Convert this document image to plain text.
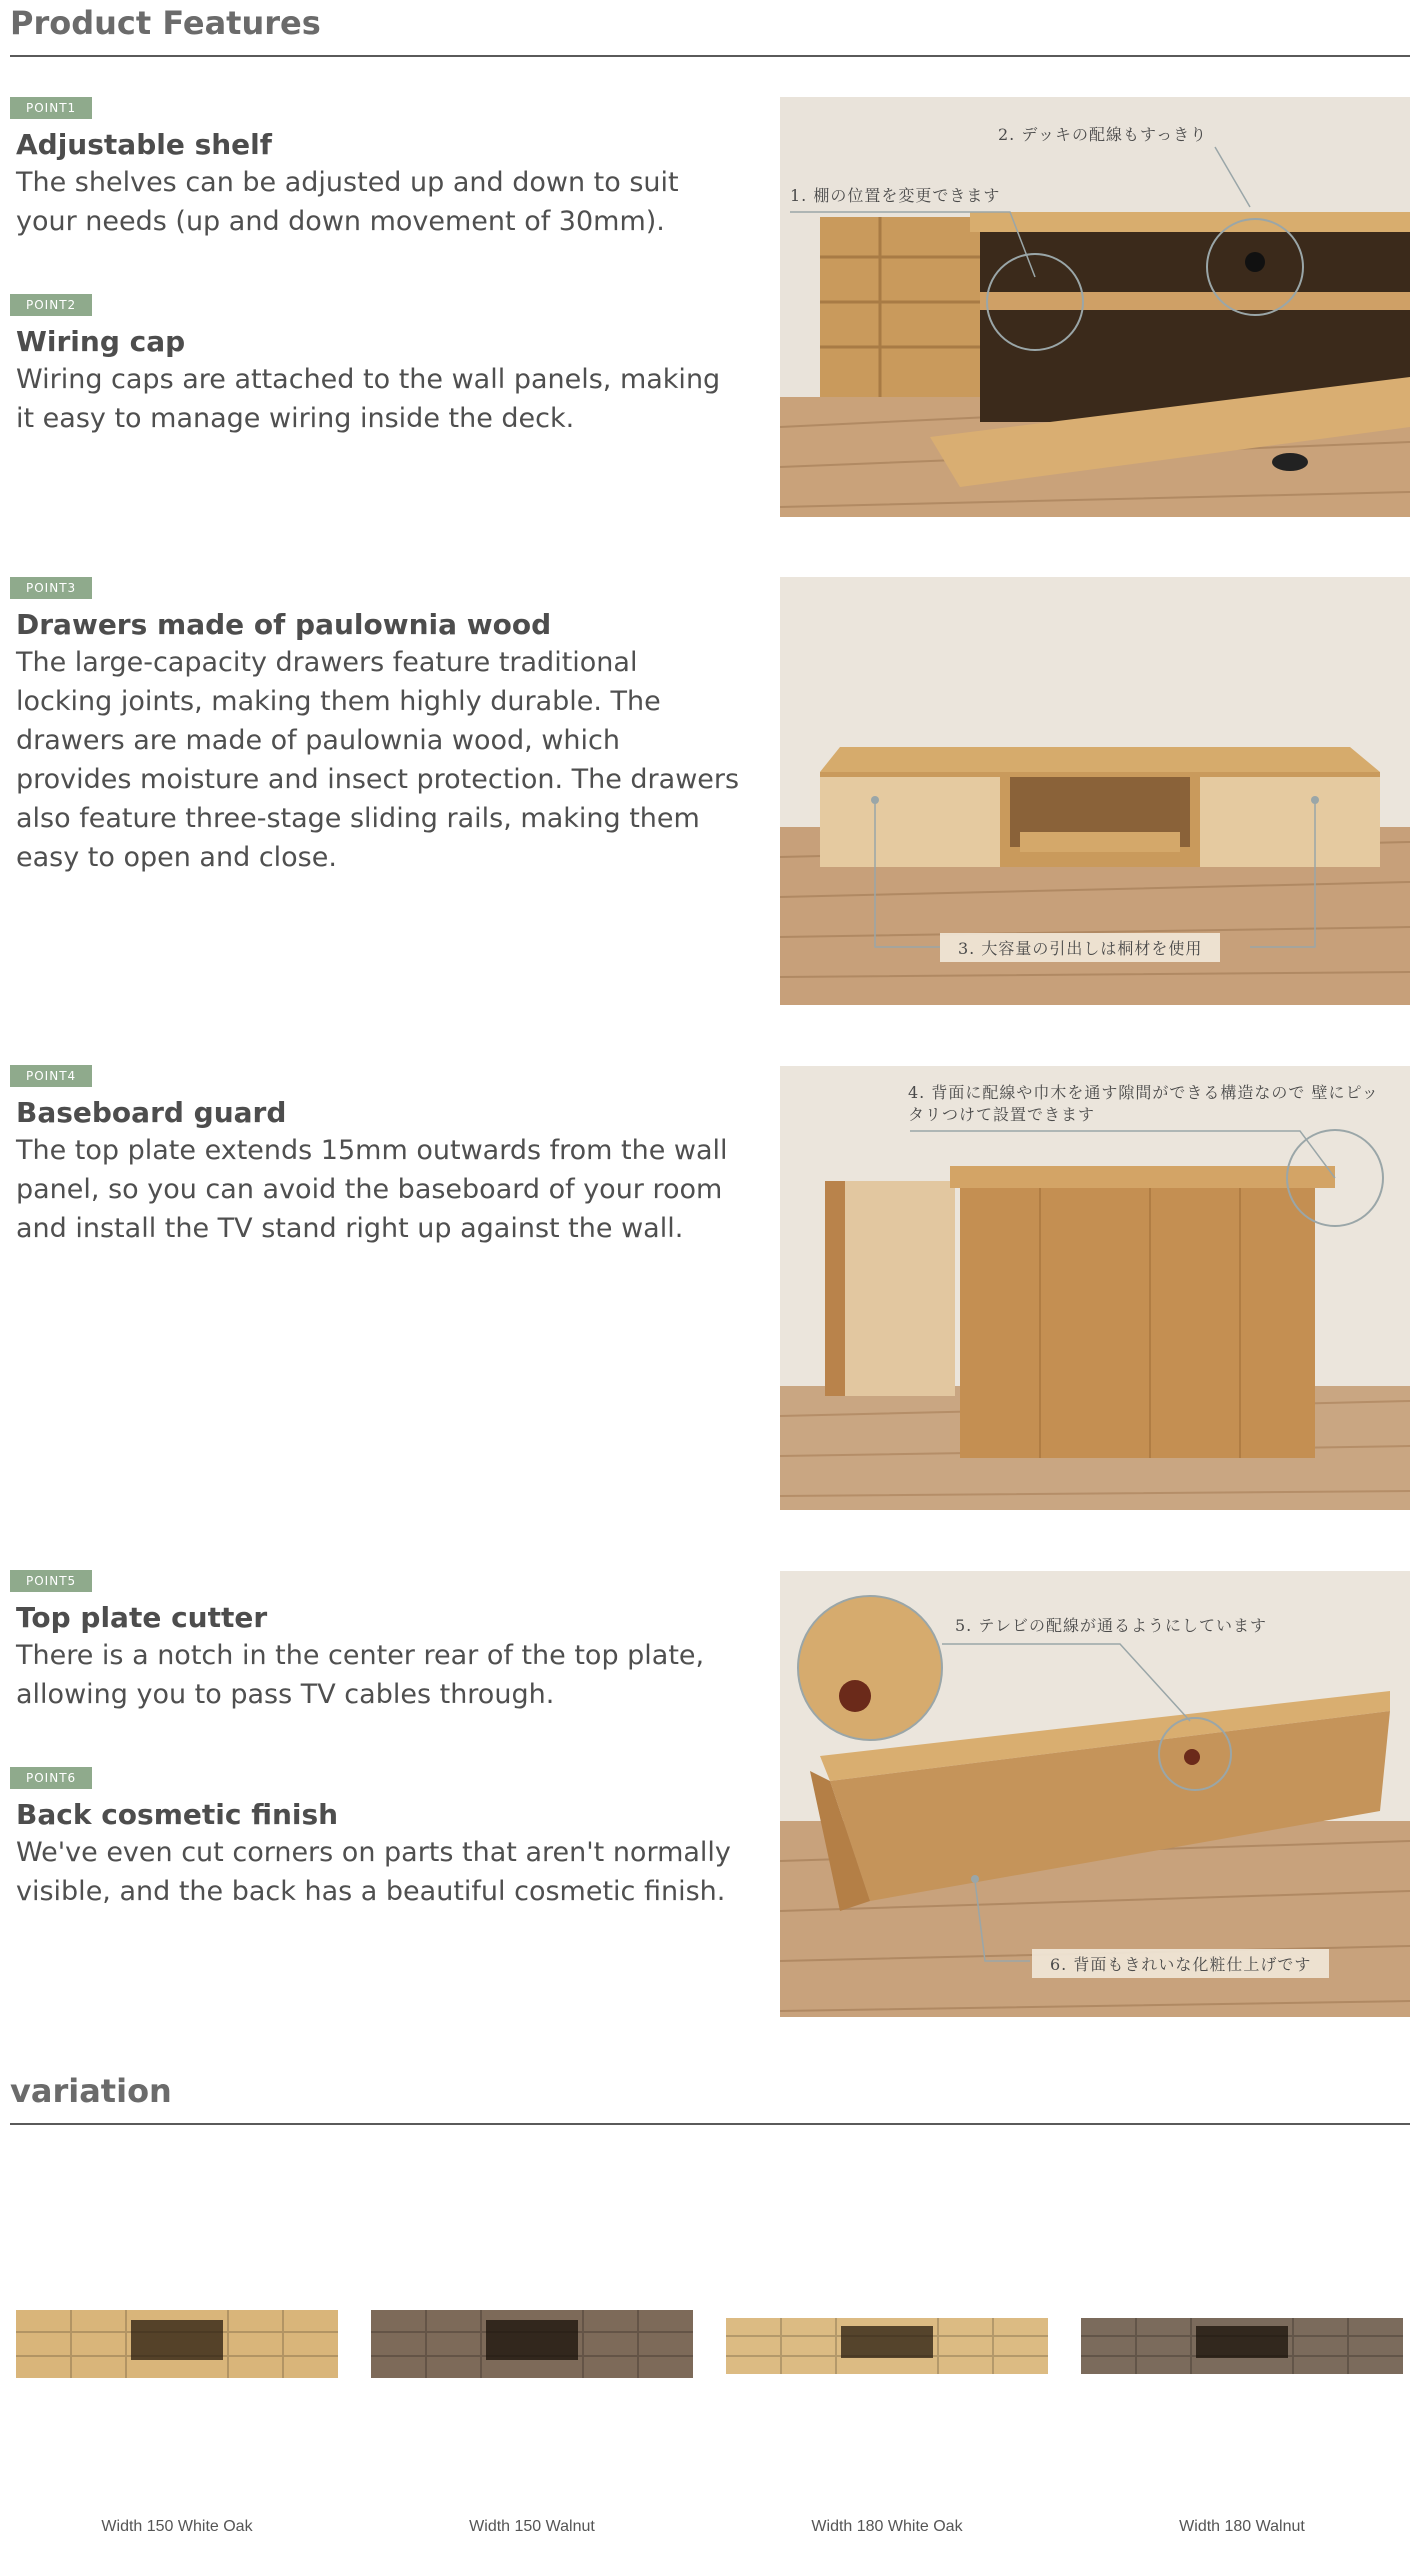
Product Features
POINT1
Adjustable shelf
The shelves can be adjusted up and down to suit your needs (up and down movement of 30mm).
POINT2
Wiring cap
Wiring caps are attached to the wall panels, making it easy to manage wiring inside the deck.
2. デッキの配線もすっきり
1. 棚の位置を変更できます
POINT3
Drawers made of paulownia wood
The large-capacity drawers feature traditional locking joints, making them highly durable. The drawers are made of paulownia wood, which provides moisture and insect protection. The drawers also feature three-stage sliding rails, making them easy to open and close.
3. 大容量の引出しは桐材を使用
POINT4
Baseboard guard
The top plate extends 15mm outwards from the wall panel, so you can avoid the baseboard of your room and install the TV stand right up against the wall.
4. 背面に配線や巾木を通す隙間ができる構造なので 壁にピッタリつけて設置できます
POINT5
Top plate cutter
There is a notch in the center rear of the top plate, allowing you to pass TV cables through.
POINT6
Back cosmetic finish
We've even cut corners on parts that aren't normally visible, and the back has a beautiful cosmetic finish.
5. テレビの配線が通るようにしています
6. 背面もきれいな化粧仕上げです
variation
Width 150 White Oak	Width 150 Walnut	Width 180 White Oak	Width 180 Walnut
